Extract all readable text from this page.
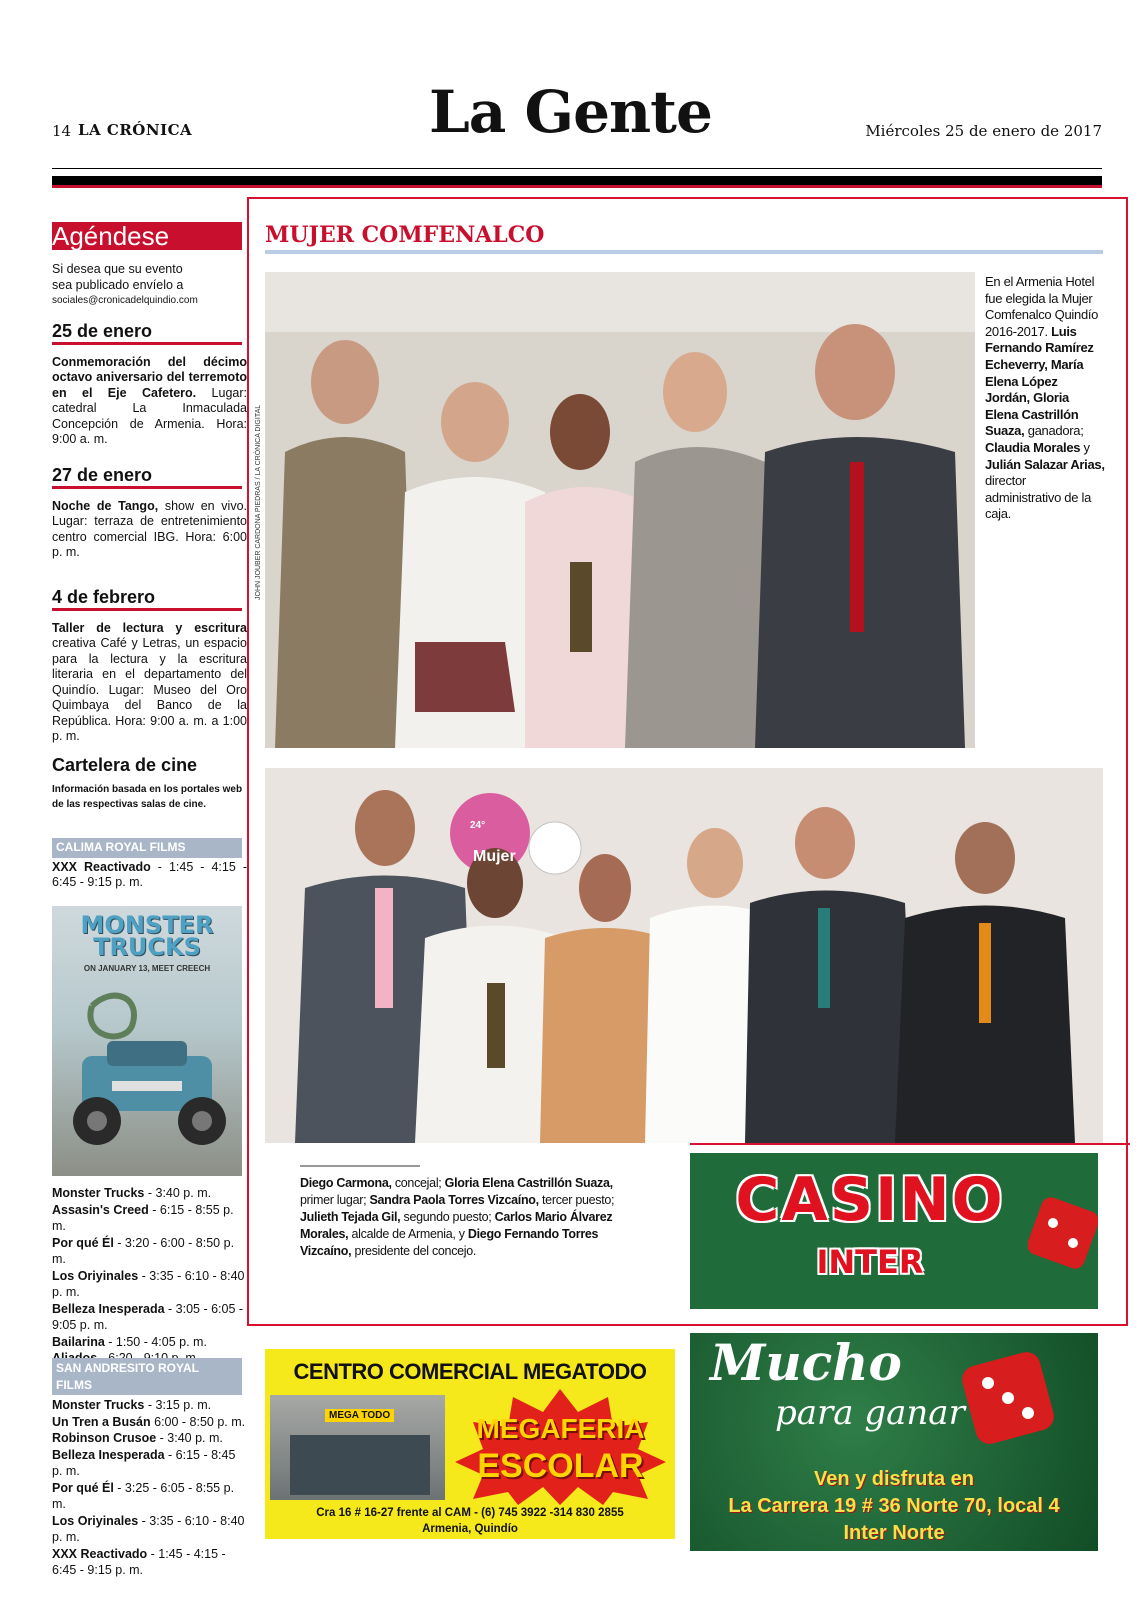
14 LA CRÓNICA	La Gente	Miércoles 25 de enero de 2017
Agéndese
Si desea que su evento
sea publicado envíelo a
sociales@cronicadelquindio.com
25 de enero
Conmemoración del décimo octavo aniversario del terremoto en el Eje Cafetero. Lugar: catedral La Inmaculada Concepción de Armenia. Hora: 9:00 a. m.
27 de enero
Noche de Tango, show en vivo. Lugar: terraza de entretenimiento centro comercial IBG. Hora: 6:00 p. m.
4 de febrero
Taller de lectura y escritura creativa Café y Letras, un espacio para la lectura y la escritura literaria en el departamento del Quindío. Lugar: Museo del Oro Quimbaya del Banco de la República. Hora: 9:00 a. m. a 1:00 p. m.
Cartelera de cine
Información basada en los portales web de las respectivas salas de cine.
CALIMA ROYAL FILMS
XXX Reactivado - 1:45 - 4:15 - 6:45 - 9:15 p. m.
MONSTER TRUCKS
ON JANUARY 13, MEET CREECH
Monster Trucks - 3:40 p. m.
Assasin's Creed - 6:15 - 8:55 p. m.
Por qué Él - 3:20 - 6:00 - 8:50 p. m.
Los Oriyinales - 3:35 - 6:10 - 8:40 p. m.
Belleza Inesperada - 3:05 - 6:05 - 9:05 p. m.
Bailarina - 1:50 - 4:05 p. m.
SAN ANDRESITO ROYAL FILMS
Monster Trucks - 3:15 p. m.
Un Tren a Busán 6:00 - 8:50 p. m.
Robinson Crusoe - 3:40 p. m.
Belleza Inesperada - 6:15 - 8:45 p. m.
Por qué Él - 3:25 - 6:05 - 8:55 p. m.
Los Oriyinales - 3:35 - 6:10 - 8:40 p. m.
XXX Reactivado - 1:45 - 4:15 - 6:45 - 9:15 p. m.
MUJER COMFENALCO
JOHN JOUBER CARDONA PIEDRAS / LA CRÓNICA DIGITAL
En el Armenia Hotel fue elegida la Mujer Comfenalco Quindío 2016-2017. Luis Fernando Ramírez Echeverry, María Elena López Jordán, Gloria Elena Castrillón Suaza, ganadora; Claudia Morales y Julián Salazar Arias, director administrativo de la caja.
24°
Mujer
Diego Carmona, concejal; Gloria Elena Castrillón Suaza, primer lugar; Sandra Paola Torres Vizcaíno, tercer puesto; Julieth Tejada Gil, segundo puesto; Carlos Mario Álvarez Morales, alcalde de Armenia, y Diego Fernando Torres Vizcaíno, presidente del concejo.
CASINO
INTER
Mucho
para ganar
Ven y disfruta en
La Carrera 19 # 36 Norte 70, local 4
Inter Norte
CENTRO COMERCIAL MEGATODO
MEGA TODO	MEGAFERIA
ESCOLAR
Cra 16 # 16-27 frente al CAM - (6) 745 3922 -314 830 2855
Armenia, Quindío
